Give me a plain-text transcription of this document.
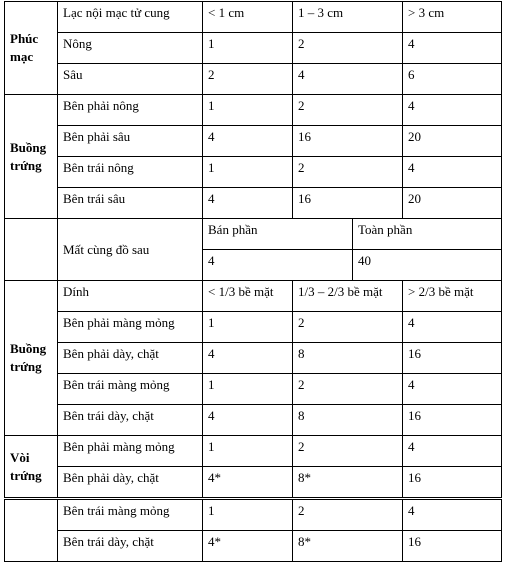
Phúc mạc	Lạc nội mạc tử cung	< 1 cm	1 – 3 cm		> 3 cm
	Nông	1	2		4
	Sâu	2	4		6
Buồng trứng	Bên phải nông	1	2		4
	Bên phải sâu	4	16		20
	Bên trái nông	1	2		4
	Bên trái sâu	4	16		20
	Mất cùng đồ sau	Bán phần		Toàn phần	
		4		40	
Buồng trứng	Dính	< 1/3 bề mặt	1/3 – 2/3 bề mặt		> 2/3 bề mặt
	Bên phải màng mỏng	1	2		4
	Bên phải dày, chặt	4	8		16
	Bên trái màng mỏng	1	2		4
	Bên trái dày, chặt	4	8		16
Vòi trứng	Bên phải màng mỏng	1	2		4
	Bên phải dày, chặt	4*	8*		16
	Bên trái màng mỏng	1	2		4
	Bên trái dày, chặt	4*	8*		16
